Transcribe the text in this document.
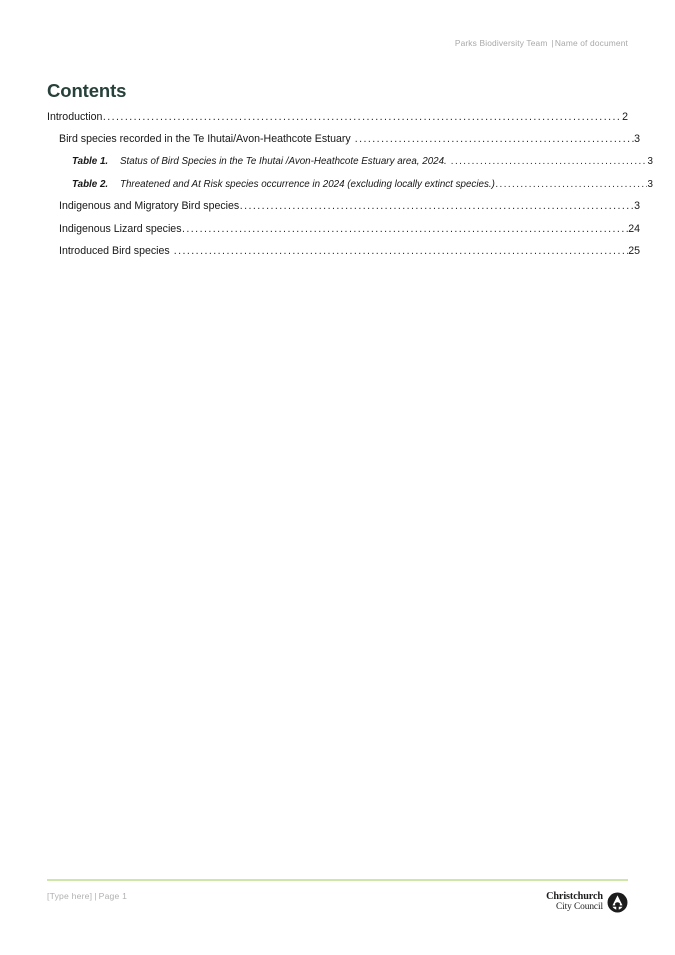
Parks Biodiversity Team |Name of document
Contents
Introduction .....	2
Bird species recorded in the Te Ihutai/Avon-Heathcote Estuary .....	3
Table 1.	Status of Bird Species in the Te Ihutai /Avon-Heathcote Estuary area, 2024. .....	3
Table 2.	Threatened and At Risk species occurrence in 2024 (excluding locally extinct species.) .....	3
Indigenous and Migratory Bird species .....	3
Indigenous Lizard species .....	24
Introduced Bird species .....	25
[Type here] | Page 1	Christchurch
City Council
